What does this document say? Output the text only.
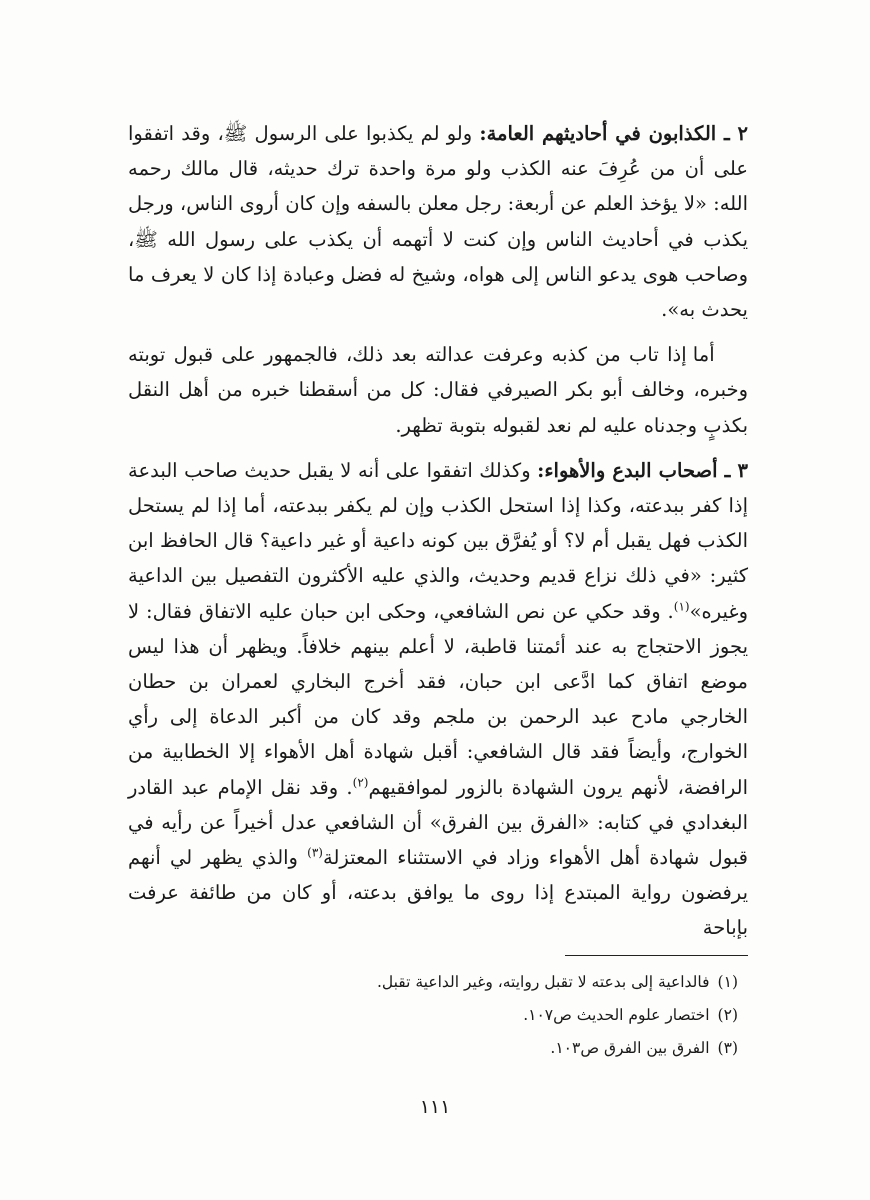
٢ ـ الكذابون في أحاديثهم العامة: ولو لم يكذبوا على الرسول ﷺ، وقد اتفقوا على أن من عُرِفَ عنه الكذب ولو مرة واحدة ترك حديثه، قال مالك رحمه الله: «لا يؤخذ العلم عن أربعة: رجل معلن بالسفه وإن كان أروى الناس، ورجل يكذب في أحاديث الناس وإن كنت لا أتهمه أن يكذب على رسول الله ﷺ، وصاحب هوى يدعو الناس إلى هواه، وشيخ له فضل وعبادة إذا كان لا يعرف ما يحدث به».

أما إذا تاب من كذبه وعرفت عدالته بعد ذلك، فالجمهور على قبول توبته وخبره، وخالف أبو بكر الصيرفي فقال: كل من أسقطنا خبره من أهل النقل بكذبٍ وجدناه عليه لم نعد لقبوله بتوبة تظهر.

٣ ـ أصحاب البدع والأهواء: وكذلك اتفقوا على أنه لا يقبل حديث صاحب البدعة إذا كفر ببدعته، وكذا إذا استحل الكذب وإن لم يكفر ببدعته، أما إذا لم يستحل الكذب فهل يقبل أم لا؟ أو يُفرَّق بين كونه داعية أو غير داعية؟ قال الحافظ ابن كثير: «في ذلك نزاع قديم وحديث، والذي عليه الأكثرون التفصيل بين الداعية وغيره»$^{(١)}$. وقد حكي عن نص الشافعي، وحكى ابن حبان عليه الاتفاق فقال: لا يجوز الاحتجاج به عند أئمتنا قاطبة، لا أعلم بينهم خلافاً. ويظهر أن هذا ليس موضع اتفاق كما ادَّعى ابن حبان، فقد أخرج البخاري لعمران بن حطان الخارجي مادح عبد الرحمن بن ملجم وقد كان من أكبر الدعاة إلى رأي الخوارج، وأيضاً فقد قال الشافعي: أقبل شهادة أهل الأهواء إلا الخطابية من الرافضة، لأنهم يرون الشهادة بالزور لموافقيهم$^{(٢)}$. وقد نقل الإمام عبد القادر البغدادي في كتابه: «الفرق بين الفرق» أن الشافعي عدل أخيراً عن رأيه في قبول شهادة أهل الأهواء وزاد في الاستثناء المعتزلة$^{(٣)}$ والذي يظهر لي أنهم يرفضون رواية المبتدع إذا روى ما يوافق بدعته، أو كان من طائفة عرفت بإباحة

(١)فالداعية إلى بدعته لا تقبل روايته، وغير الداعية تقبل.

(٢)اختصار علوم الحديث ص١٠٧.

(٣)الفرق بين الفرق ص١٠٣.

١١١
